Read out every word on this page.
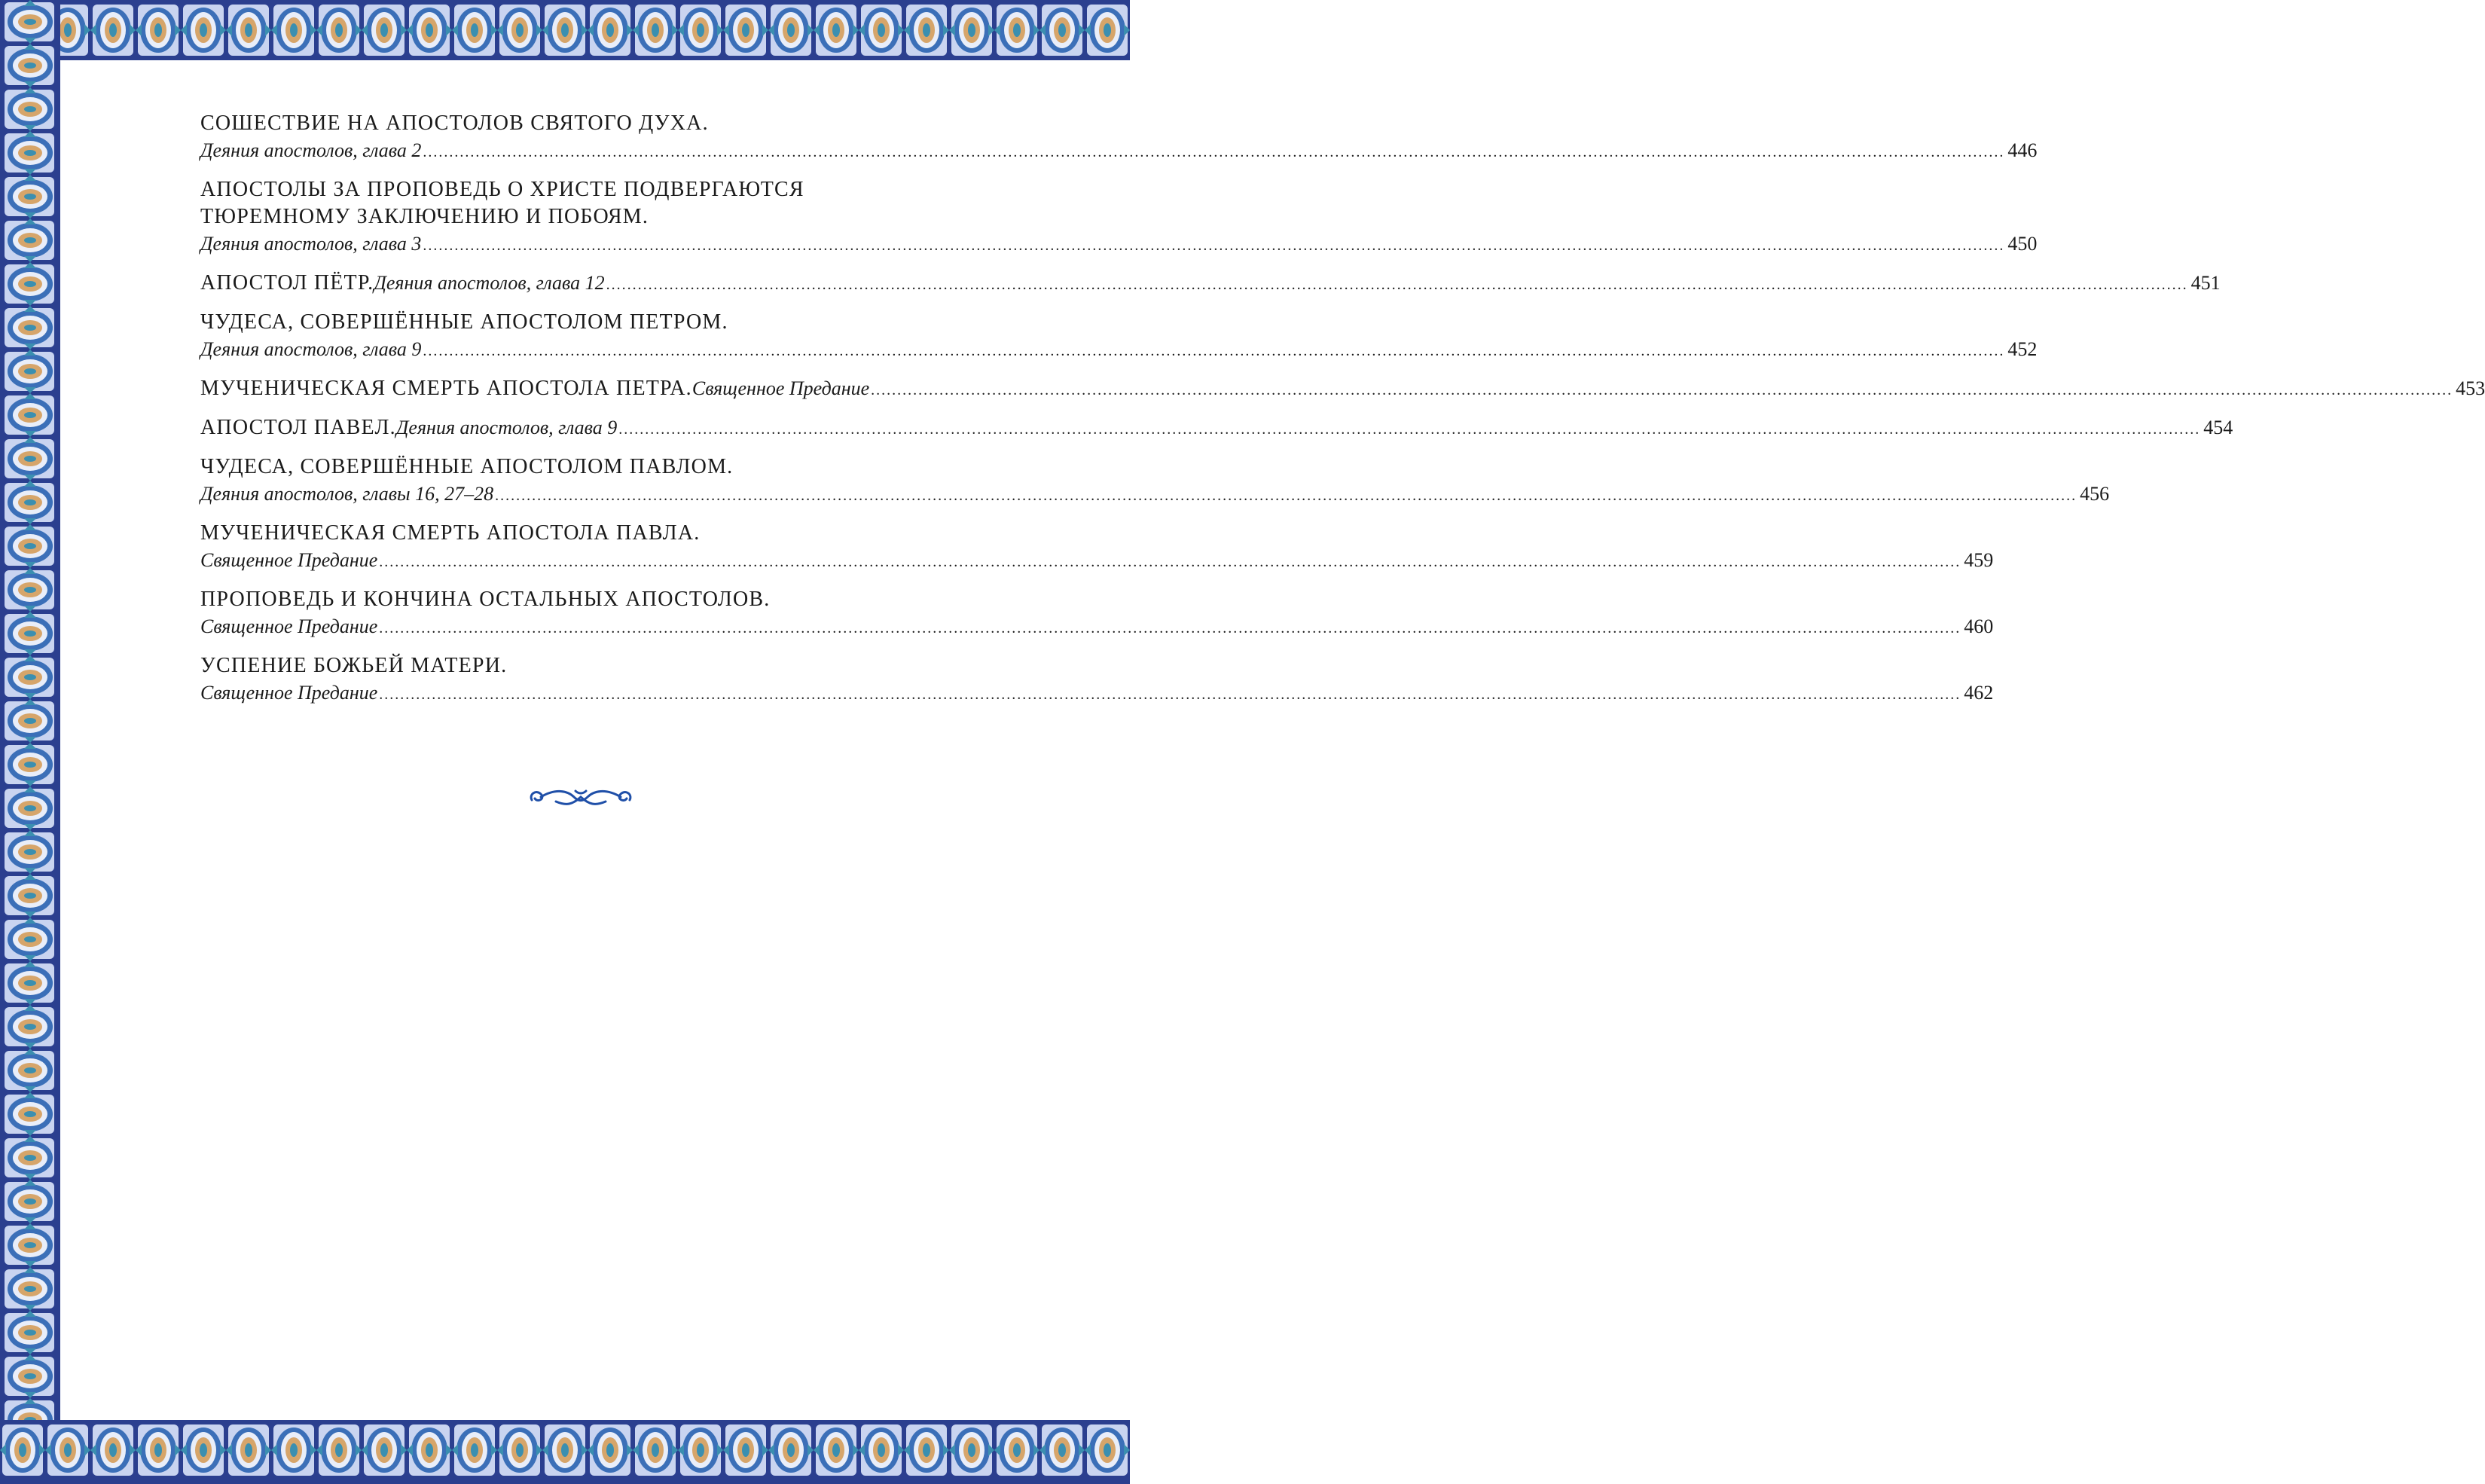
СОШЕСТВИЕ НА АПОСТОЛОВ СВЯТОГО ДУХА.
Деяния апостолов, глава 2 ............................................................................................................................................................................................................................................................................................................ 446
АПОСТОЛЫ ЗА ПРОПОВЕДЬ О ХРИСТЕ ПОДВЕРГАЮТСЯ
ТЮРЕМНОМУ ЗАКЛЮЧЕНИЮ И ПОБОЯМ.
Деяния апостолов, глава 3 ............................................................................................................................................................................................................................................................................................................ 450
АПОСТОЛ ПЁТР. Деяния апостолов, глава 12 ............................................................................................................................................................................................................................................................................................................ 451
ЧУДЕСА, СОВЕРШЁННЫЕ АПОСТОЛОМ ПЕТРОМ.
Деяния апостолов, глава 9 ............................................................................................................................................................................................................................................................................................................ 452
МУЧЕНИЧЕСКАЯ СМЕРТЬ АПОСТОЛА ПЕТРА. Священное Предание ............................................................................................................................................................................................................................................................................................................ 453
АПОСТОЛ ПАВЕЛ. Деяния апостолов, глава 9 ............................................................................................................................................................................................................................................................................................................ 454
ЧУДЕСА, СОВЕРШЁННЫЕ АПОСТОЛОМ ПАВЛОМ.
Деяния апостолов, главы 16, 27–28 ............................................................................................................................................................................................................................................................................................................ 456
МУЧЕНИЧЕСКАЯ СМЕРТЬ АПОСТОЛА ПАВЛА.
Священное Предание ............................................................................................................................................................................................................................................................................................................ 459
ПРОПОВЕДЬ И КОНЧИНА ОСТАЛЬНЫХ АПОСТОЛОВ.
Священное Предание ............................................................................................................................................................................................................................................................................................................ 460
УСПЕНИЕ БОЖЬЕЙ МАТЕРИ.
Священное Предание ............................................................................................................................................................................................................................................................................................................ 462
